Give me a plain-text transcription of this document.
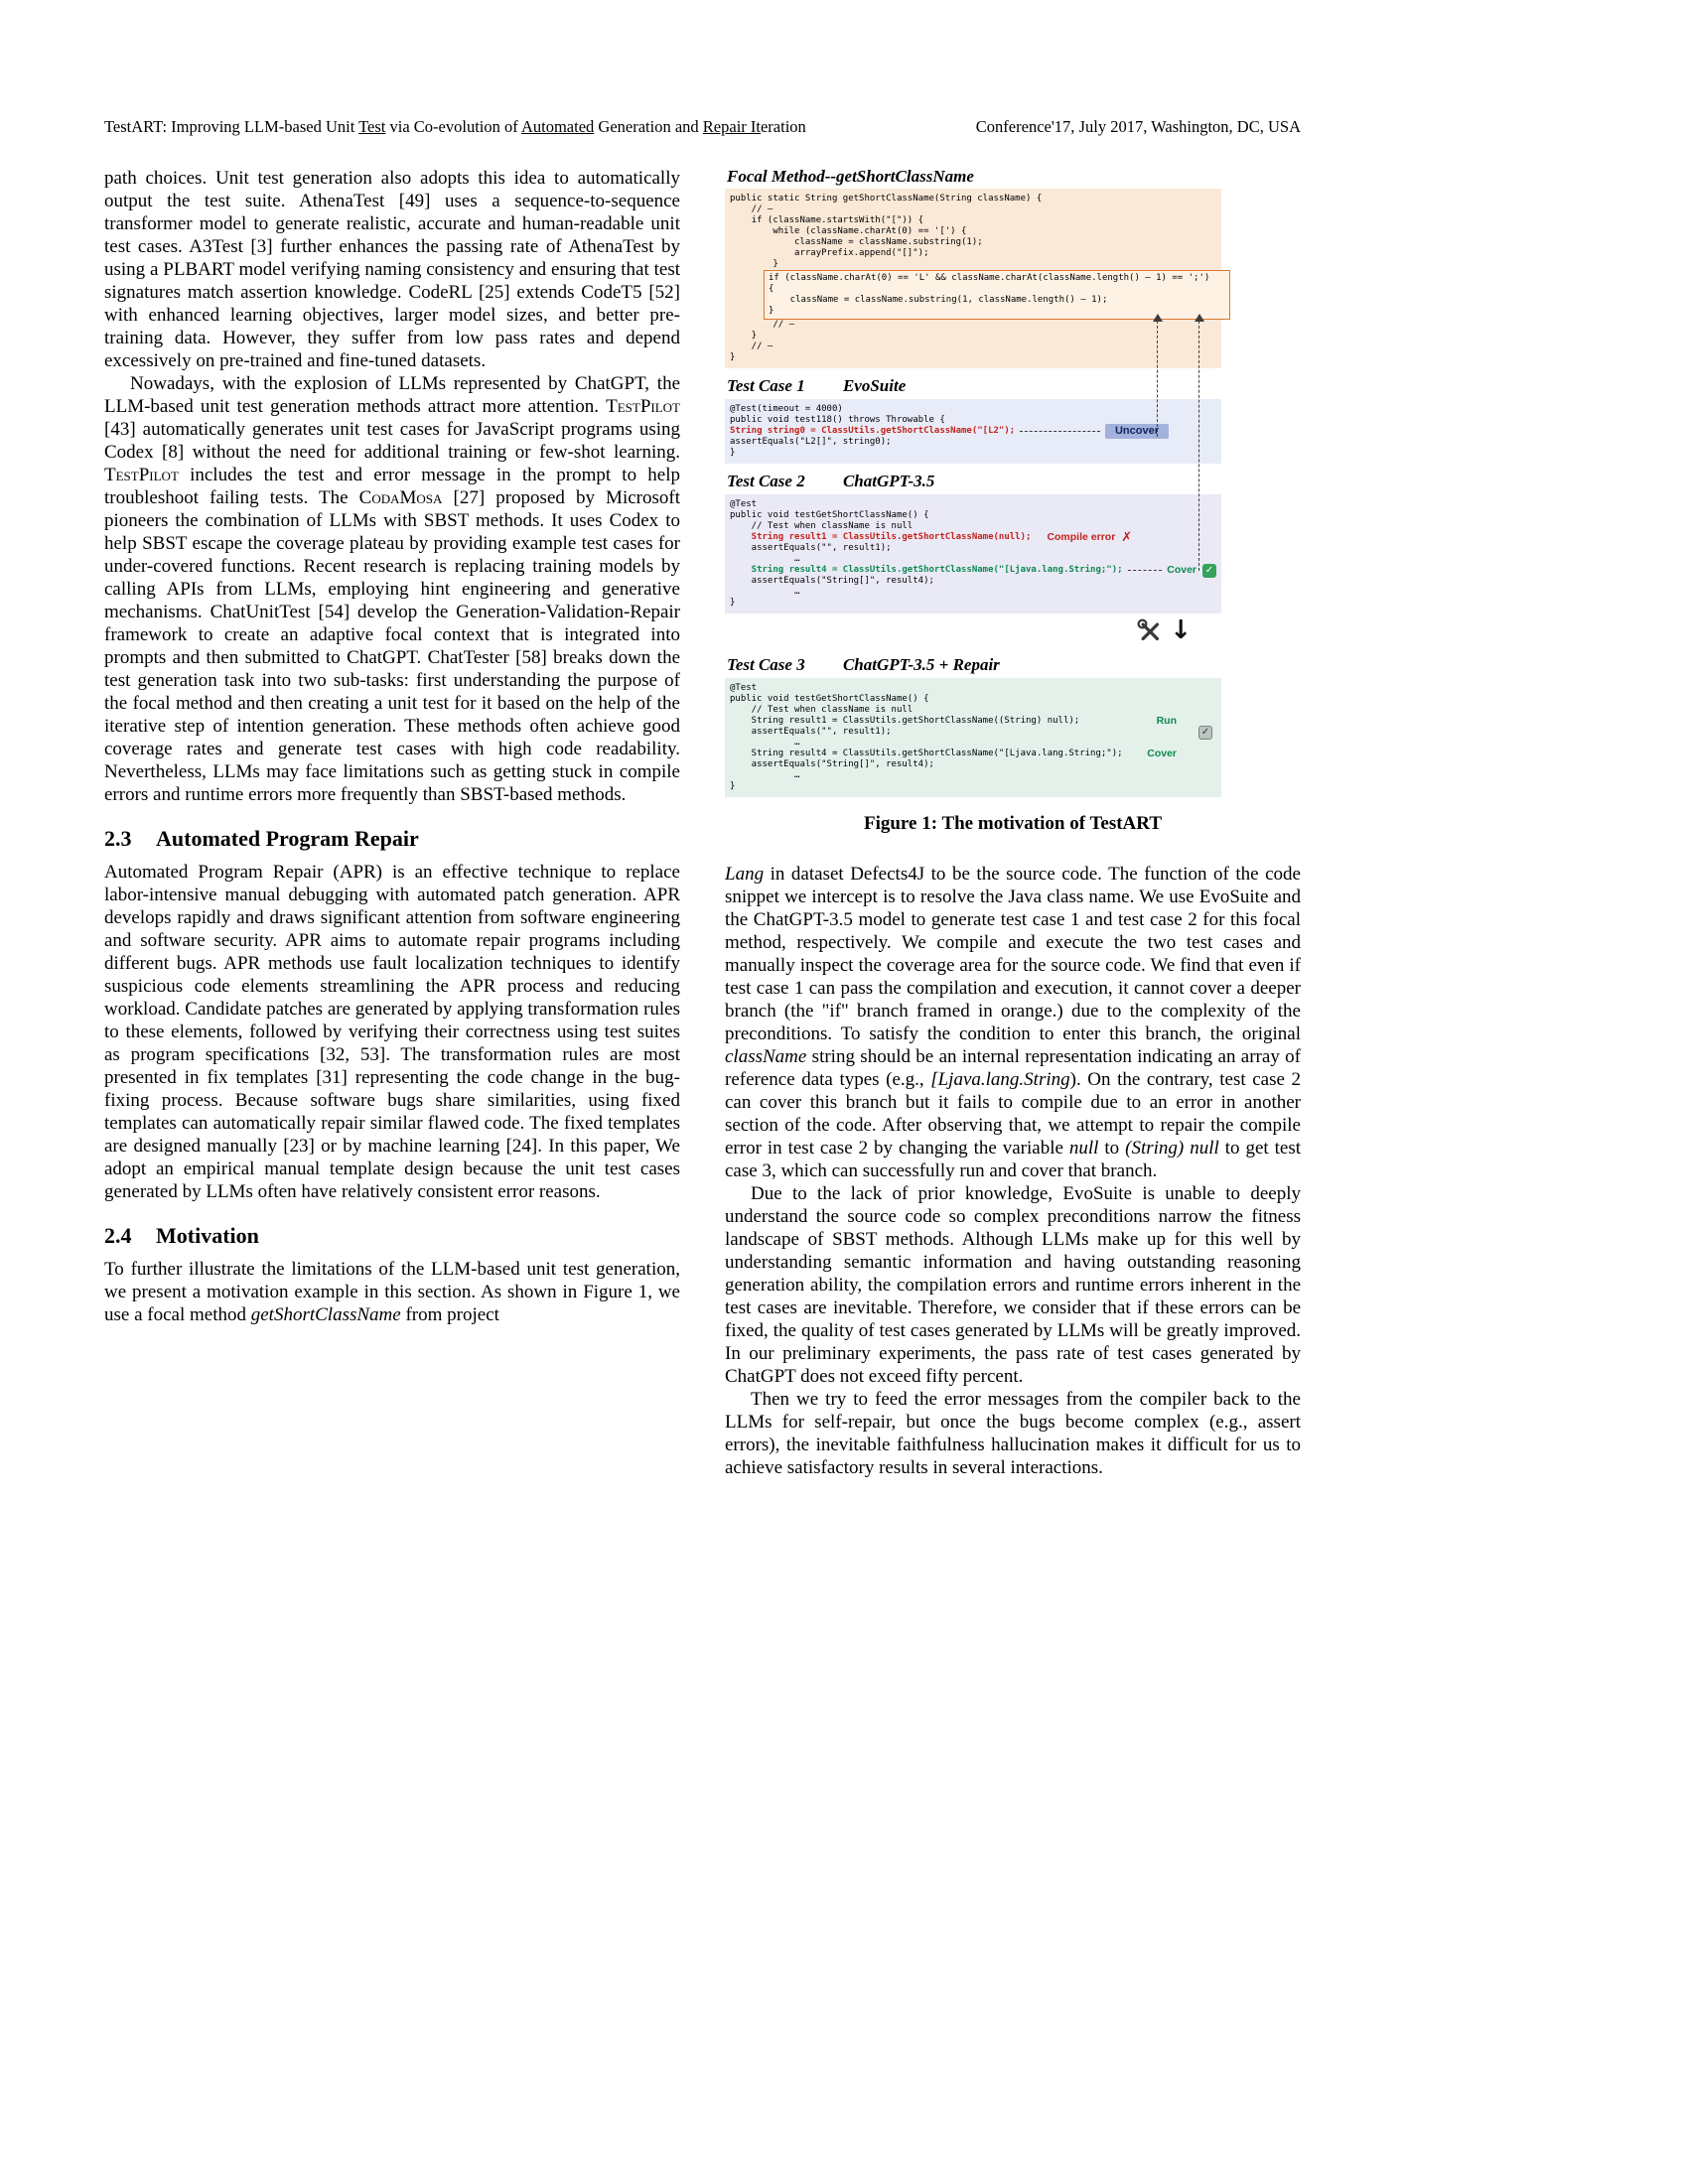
TestART: Improving LLM-based Unit Test via Co-evolution of Automated Generation and Repair Iteration	Conference'17, July 2017, Washington, DC, USA

path choices. Unit test generation also adopts this idea to automatically output the test suite. AthenaTest [49] uses a sequence-to-sequence transformer model to generate realistic, accurate and human-readable unit test cases. A3Test [3] further enhances the passing rate of AthenaTest by using a PLBART model verifying naming consistency and ensuring that test signatures match assertion knowledge. CodeRL [25] extends CodeT5 [52] with enhanced learning objectives, larger model sizes, and better pre-training data. However, they suffer from low pass rates and depend excessively on pre-trained and fine-tuned datasets.

Nowadays, with the explosion of LLMs represented by ChatGPT, the LLM-based unit test generation methods attract more attention. TestPilot [43] automatically generates unit test cases for JavaScript programs using Codex [8] without the need for additional training or few-shot learning. TestPilot includes the test and error message in the prompt to help troubleshoot failing tests. The CodaMosa [27] proposed by Microsoft pioneers the combination of LLMs with SBST methods. It uses Codex to help SBST escape the coverage plateau by providing example test cases for under-covered functions. Recent research is replacing training models by calling APIs from LLMs, employing hint engineering and generative mechanisms. ChatUnitTest [54] develop the Generation-Validation-Repair framework to create an adaptive focal context that is integrated into prompts and then submitted to ChatGPT. ChatTester [58] breaks down the test generation task into two sub-tasks: first understanding the purpose of the focal method and then creating a unit test for it based on the help of the iterative step of intention generation. These methods often achieve good coverage rates and generate test cases with high code readability. Nevertheless, LLMs may face limitations such as getting stuck in compile errors and runtime errors more frequently than SBST-based methods.

2.3	Automated Program Repair

Automated Program Repair (APR) is an effective technique to replace labor-intensive manual debugging with automated patch generation. APR develops rapidly and draws significant attention from software engineering and software security. APR aims to automate repair programs including different bugs. APR methods use fault localization techniques to identify suspicious code elements streamlining the APR process and reducing workload. Candidate patches are generated by applying transformation rules to these elements, followed by verifying their correctness using test suites as program specifications [32, 53]. The transformation rules are most presented in fix templates [31] representing the code change in the bug-fixing process. Because software bugs share similarities, using fixed templates can automatically repair similar flawed code. The fixed templates are designed manually [23] or by machine learning [24]. In this paper, We adopt an empirical manual template design because the unit test cases generated by LLMs often have relatively consistent error reasons.

2.4	Motivation

To further illustrate the limitations of the LLM-based unit test generation, we present a motivation example in this section. As shown in Figure 1, we use a focal method getShortClassName from project

Focal Method--getShortClassName
public static String getShortClassName(String className) {
// –
if (className.startsWith("[")) {
while (className.charAt(0) == '[') {
className = className.substring(1);
arrayPrefix.append("[]");
}
if (className.charAt(0) == 'L' && className.charAt(className.length() – 1) == ';')
{
className = className.substring(1, className.length() – 1);
}
// –
}
// –
}
Test Case 1 EvoSuite
@Test(timeout = 4000)
public void test118() throws Throwable {
String string0 = ClassUtils.getShortClassName("[L2");	Uncover
assertEquals("L2[]", string0);
}
Test Case 2 ChatGPT-3.5
@Test
public void testGetShortClassName() {
// Test when className is null
String result1 = ClassUtils.getShortClassName(null); Compile error ✗
assertEquals("", result1);
…
String result4 = ClassUtils.getShortClassName("[Ljava.lang.String;");	Cover ✓
assertEquals("String[]", result4);
…
}
↓
Test Case 3 ChatGPT-3.5 + Repair
@Test
public void testGetShortClassName() {
// Test when className is null
String result1 = ClassUtils.getShortClassName((String) null);	Run
assertEquals("", result1);	✓
…
String result4 = ClassUtils.getShortClassName("[Ljava.lang.String;"); Cover
assertEquals("String[]", result4);
…
}
Figure 1: The motivation of TestART

Lang in dataset Defects4J to be the source code. The function of the code snippet we intercept is to resolve the Java class name. We use EvoSuite and the ChatGPT-3.5 model to generate test case 1 and test case 2 for this focal method, respectively. We compile and execute the two test cases and manually inspect the coverage area for the source code. We find that even if test case 1 can pass the compilation and execution, it cannot cover a deeper branch (the "if" branch framed in orange.) due to the complexity of the preconditions. To satisfy the condition to enter this branch, the original className string should be an internal representation indicating an array of reference data types (e.g., [Ljava.lang.String). On the contrary, test case 2 can cover this branch but it fails to compile due to an error in another section of the code. After observing that, we attempt to repair the compile error in test case 2 by changing the variable null to (String) null to get test case 3, which can successfully run and cover that branch.

Due to the lack of prior knowledge, EvoSuite is unable to deeply understand the source code so complex preconditions narrow the fitness landscape of SBST methods. Although LLMs make up for this well by understanding semantic information and having outstanding reasoning generation ability, the compilation errors and runtime errors inherent in the test cases are inevitable. Therefore, we consider that if these errors can be fixed, the quality of test cases generated by LLMs will be greatly improved. In our preliminary experiments, the pass rate of test cases generated by ChatGPT does not exceed fifty percent.

Then we try to feed the error messages from the compiler back to the LLMs for self-repair, but once the bugs become complex (e.g., assert errors), the inevitable faithfulness hallucination makes it difficult for us to achieve satisfactory results in several interactions.
